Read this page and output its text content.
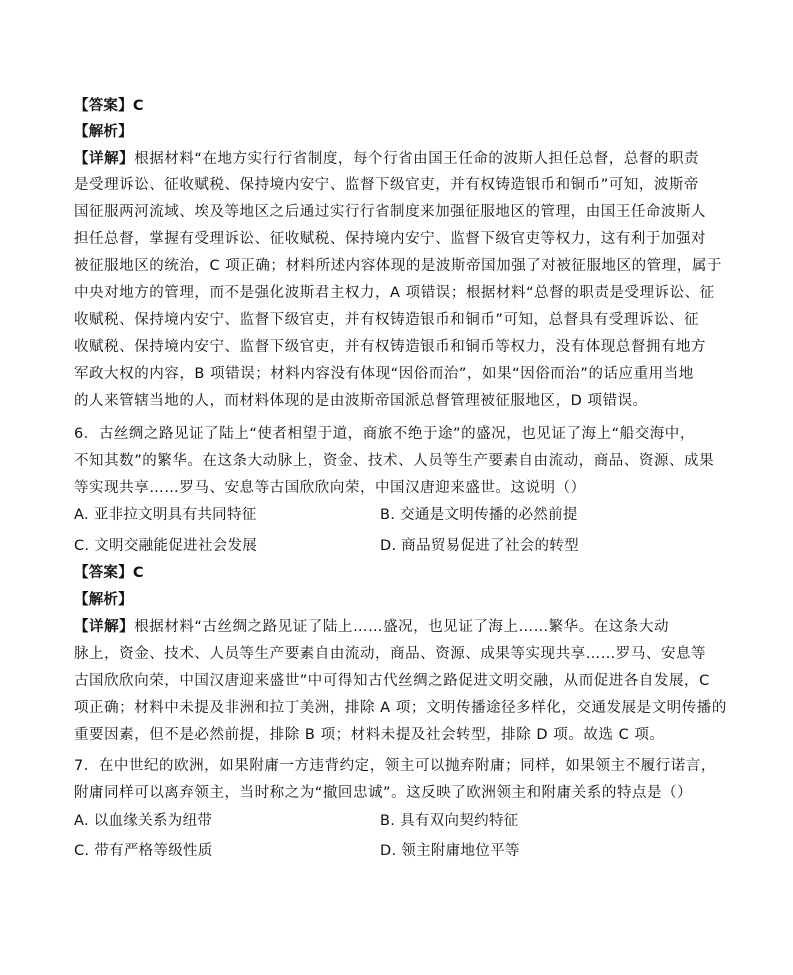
【答案】C
【解析】
【详解】根据材料“在地方实行行省制度，每个行省由国王任命的波斯人担任总督，总督的职责
是受理诉讼、征收赋税、保持境内安宁、监督下级官吏，并有权铸造银币和铜币”可知，波斯帝
国征服两河流域、埃及等地区之后通过实行行省制度来加强征服地区的管理，由国王任命波斯人
担任总督，掌握有受理诉讼、征收赋税、保持境内安宁、监督下级官吏等权力，这有利于加强对
被征服地区的统治，C 项正确；材料所述内容体现的是波斯帝国加强了对被征服地区的管理，属于
中央对地方的管理，而不是强化波斯君主权力，A 项错误；根据材料“总督的职责是受理诉讼、征
收赋税、保持境内安宁、监督下级官吏，并有权铸造银币和铜币”可知，总督具有受理诉讼、征
收赋税、保持境内安宁、监督下级官吏，并有权铸造银币和铜币等权力，没有体现总督拥有地方
军政大权的内容，B 项错误；材料内容没有体现“因俗而治”，如果“因俗而治”的话应重用当地
的人来管辖当地的人，而材料体现的是由波斯帝国派总督管理被征服地区，D 项错误。
6．古丝绸之路见证了陆上“使者相望于道，商旅不绝于途”的盛况，也见证了海上“船交海中，
不知其数”的繁华。在这条大动脉上，资金、技术、人员等生产要素自由流动，商品、资源、成果
等实现共享……罗马、安息等古国欣欣向荣，中国汉唐迎来盛世。这说明（）
A. 亚非拉文明具有共同特征	B. 交通是文明传播的必然前提
C. 文明交融能促进社会发展	D. 商品贸易促进了社会的转型
【答案】C
【解析】
【详解】根据材料“古丝绸之路见证了陆上……盛况，也见证了海上……繁华。在这条大动
脉上，资金、技术、人员等生产要素自由流动，商品、资源、成果等实现共享……罗马、安息等
古国欣欣向荣，中国汉唐迎来盛世”中可得知古代丝绸之路促进文明交融，从而促进各自发展，C
项正确；材料中未提及非洲和拉丁美洲，排除 A 项；文明传播途径多样化，交通发展是文明传播的
重要因素，但不是必然前提，排除 B 项；材料未提及社会转型，排除 D 项。故选 C 项。
7．在中世纪的欧洲，如果附庸一方违背约定，领主可以抛弃附庸；同样，如果领主不履行诺言，
附庸同样可以离弃领主，当时称之为“撤回忠诚”。这反映了欧洲领主和附庸关系的特点是（）
A. 以血缘关系为纽带	B. 具有双向契约特征
C. 带有严格等级性质	D. 领主附庸地位平等
